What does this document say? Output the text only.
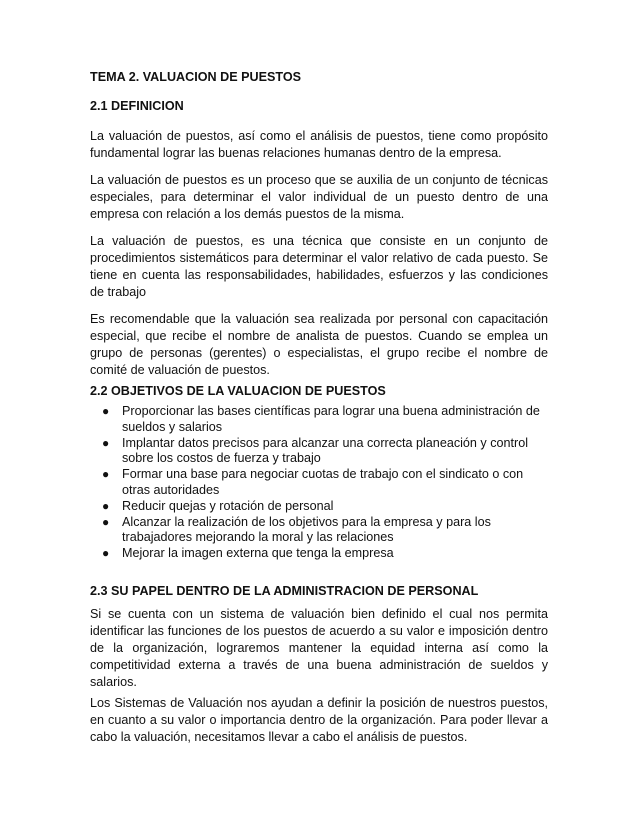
TEMA 2. VALUACION DE PUESTOS
2.1 DEFINICION

La valuación de puestos, así como el análisis de puestos, tiene como propósito fundamental lograr las buenas relaciones humanas dentro de la empresa.

La valuación de puestos es un proceso que se auxilia de un conjunto de técnicas especiales, para determinar el valor individual de un puesto dentro de una empresa con relación a los demás puestos de la misma.

La valuación de puestos, es una técnica que consiste en un conjunto de procedimientos sistemáticos para determinar el valor relativo de cada puesto. Se tiene en cuenta las responsabilidades, habilidades, esfuerzos y las condiciones de trabajo

Es recomendable que la valuación sea realizada por personal con capacitación especial, que recibe el nombre de analista de puestos. Cuando se emplea un grupo de personas (gerentes) o especialistas, el grupo recibe el nombre de comité de valuación de puestos.

2.2 OBJETIVOS DE LA VALUACION DE PUESTOS
● Proporcionar las bases científicas para lograr una buena administración de sueldos y salarios
● Implantar datos precisos para alcanzar una correcta planeación y control sobre los costos de fuerza y trabajo
● Formar una base para negociar cuotas de trabajo con el sindicato o con otras autoridades
● Reducir quejas y rotación de personal
● Alcanzar la realización de los objetivos para la empresa y para los trabajadores mejorando la moral y las relaciones
● Mejorar la imagen externa que tenga la empresa
2.3 SU PAPEL DENTRO DE LA ADMINISTRACION DE PERSONAL

Si se cuenta con un sistema de valuación bien definido el cual nos permita identificar las funciones de los puestos de acuerdo a su valor e imposición dentro de la organización, lograremos mantener la equidad interna así como la competitividad externa a través de una buena administración de sueldos y salarios.

Los Sistemas de Valuación nos ayudan a definir la posición de nuestros puestos, en cuanto a su valor o importancia dentro de la organización. Para poder llevar a cabo la valuación, necesitamos llevar a cabo el análisis de puestos.
